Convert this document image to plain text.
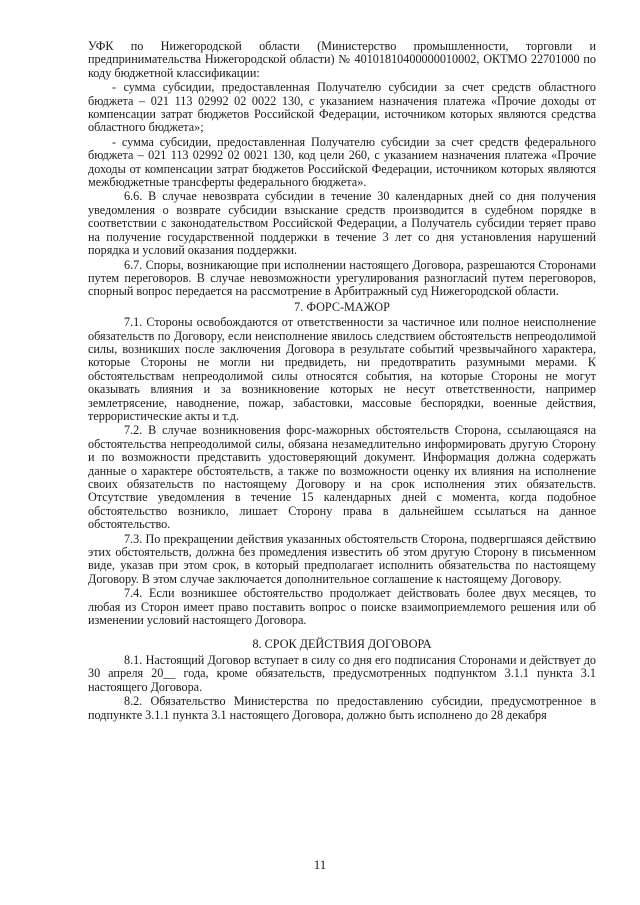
УФК по Нижегородской области (Министерство промышленности, торговли и предпринимательства Нижегородской области) № 40101810400000010002, ОКТМО 22701000 по коду бюджетной классификации:

- сумма субсидии, предоставленная Получателю субсидии за счет средств областного бюджета – 021 113 02992 02 0022 130, с указанием назначения платежа «Прочие доходы от компенсации затрат бюджетов Российской Федерации, источником которых являются средства областного бюджета»;

- сумма субсидии, предоставленная Получателю субсидии за счет средств федерального бюджета – 021 113 02992 02 0021 130, код цели 260, с указанием назначения платежа «Прочие доходы от компенсации затрат бюджетов Российской Федерации, источником которых являются межбюджетные трансферты федерального бюджета».

6.6. В случае невозврата субсидии в течение 30 календарных дней со дня получения уведомления о возврате субсидии взыскание средств производится в судебном порядке в соответствии с законодательством Российской Федерации, а Получатель субсидии теряет право на получение государственной поддержки в течение 3 лет со дня установления нарушений порядка и условий оказания поддержки.

6.7. Споры, возникающие при исполнении настоящего Договора, разрешаются Сторонами путем переговоров. В случае невозможности урегулирования разногласий путем переговоров, спорный вопрос передается на рассмотрение в Арбитражный суд Нижегородской области.

7. ФОРС-МАЖОР

7.1. Стороны освобождаются от ответственности за частичное или полное неисполнение обязательств по Договору, если неисполнение явилось следствием обстоятельств непреодолимой силы, возникших после заключения Договора в результате событий чрезвычайного характера, которые Стороны не могли ни предвидеть, ни предотвратить разумными мерами. К обстоятельствам непреодолимой силы относятся события, на которые Стороны не могут оказывать влияния и за возникновение которых не несут ответственности, например землетрясение, наводнение, пожар, забастовки, массовые беспорядки, военные действия, террористические акты и т.д.

7.2. В случае возникновения форс-мажорных обстоятельств Сторона, ссылающаяся на обстоятельства непреодолимой силы, обязана незамедлительно информировать другую Сторону и по возможности представить удостоверяющий документ. Информация должна содержать данные о характере обстоятельств, а также по возможности оценку их влияния на исполнение своих обязательств по настоящему Договору и на срок исполнения этих обязательств. Отсутствие уведомления в течение 15 календарных дней с момента, когда подобное обстоятельство возникло, лишает Сторону права в дальнейшем ссылаться на данное обстоятельство.

7.3. По прекращении действия указанных обстоятельств Сторона, подвергшаяся действию этих обстоятельств, должна без промедления известить об этом другую Сторону в письменном виде, указав при этом срок, в который предполагает исполнить обязательства по настоящему Договору. В этом случае заключается дополнительное соглашение к настоящему Договору.

7.4. Если возникшее обстоятельство продолжает действовать более двух месяцев, то любая из Сторон имеет право поставить вопрос о поиске взаимоприемлемого решения или об изменении условий настоящего Договора.

8. СРОК ДЕЙСТВИЯ ДОГОВОРА

8.1. Настоящий Договор вступает в силу со дня его подписания Сторонами и действует до 30 апреля 20__ года, кроме обязательств, предусмотренных подпунктом 3.1.1 пункта 3.1 настоящего Договора.

8.2. Обязательство Министерства по предоставлению субсидии, предусмотренное в подпункте 3.1.1 пункта 3.1 настоящего Договора, должно быть исполнено до 28 декабря

11
